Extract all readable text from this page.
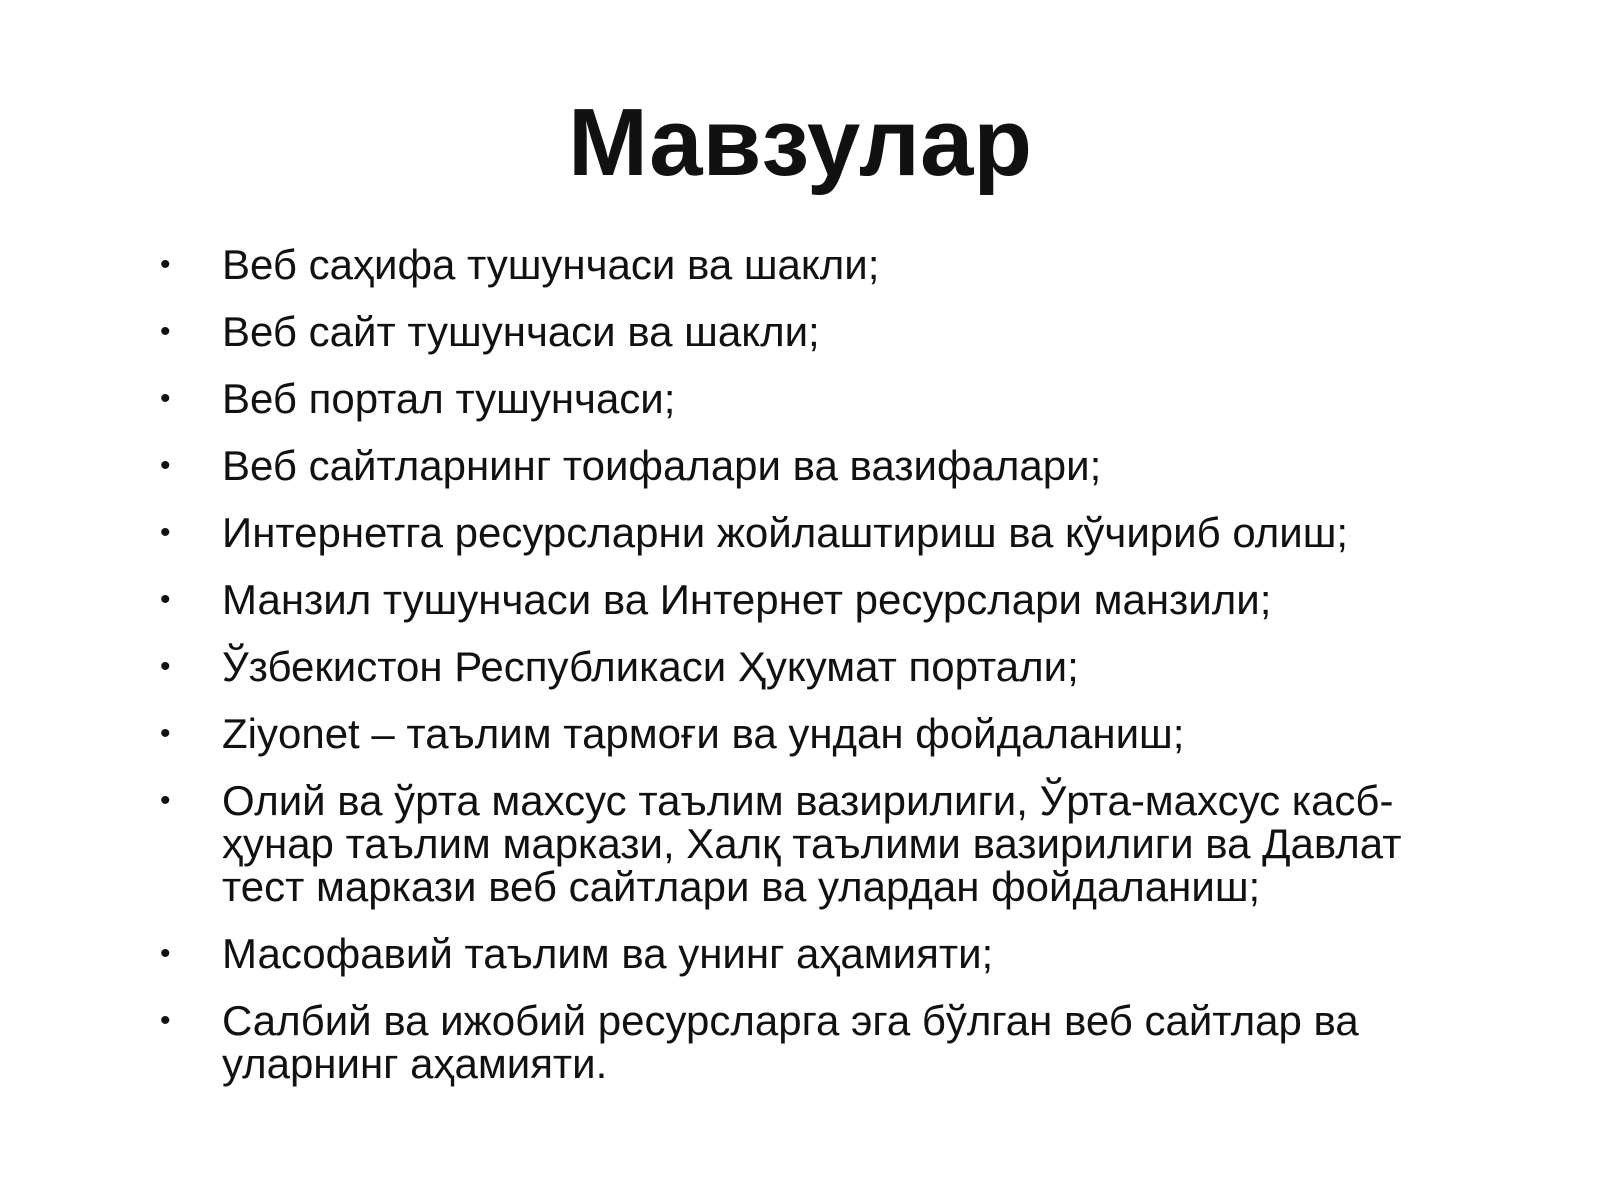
Мавзулар
• Веб саҳифа тушунчаси ва шакли;
• Веб сайт тушунчаси ва шакли;
• Веб портал тушунчаси;
• Веб сайтларнинг тоифалари ва вазифалари;
• Интернетга ресурсларни жойлаштириш ва кўчириб олиш;
• Манзил тушунчаси ва Интернет ресурслари манзили;
• Ўзбекистон Республикаси Ҳукумат портали;
• Ziyonet – таълим тармоғи ва ундан фойдаланиш;
• Олий ва ўрта махсус таълим вазирилиги, Ўрта-махсус касб-ҳунар таълим маркази, Халқ таълими вазирилиги ва Давлат тест маркази веб сайтлари ва улардан фойдаланиш;
• Масофавий таълим ва унинг аҳамияти;
• Салбий ва ижобий ресурсларга эга бўлган веб сайтлар ва уларнинг аҳамияти.
